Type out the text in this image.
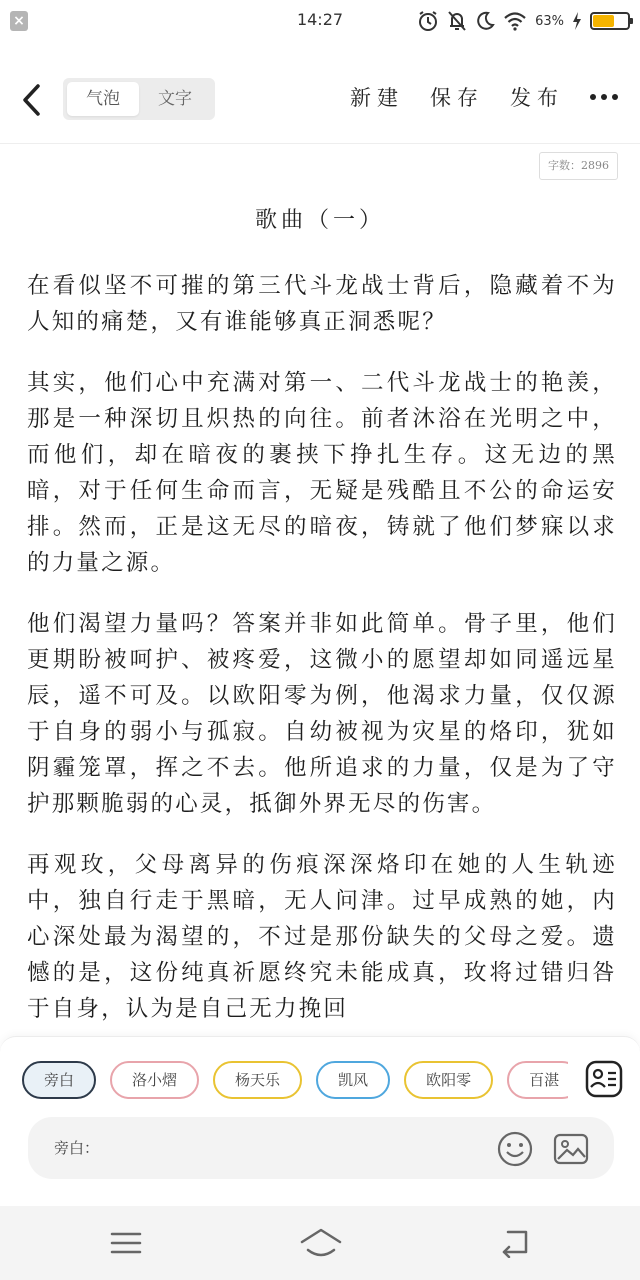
×	14:27	63%
气泡	文字	新建 保存 发布
字数：2896
歌曲（一）

在看似坚不可摧的第三代斗龙战士背后，隐藏着不为人知的痛楚，又有谁能够真正洞悉呢？

其实，他们心中充满对第一、二代斗龙战士的艳羡，那是一种深切且炽热的向往。前者沐浴在光明之中，而他们，却在暗夜的裹挟下挣扎生存。这无边的黑暗，对于任何生命而言，无疑是残酷且不公的命运安排。然而，正是这无尽的暗夜，铸就了他们梦寐以求的力量之源。

他们渴望力量吗？答案并非如此简单。骨子里，他们更期盼被呵护、被疼爱，这微小的愿望却如同遥远星辰，遥不可及。以欧阳零为例，他渴求力量，仅仅源于自身的弱小与孤寂。自幼被视为灾星的烙印，犹如阴霾笼罩，挥之不去。他所追求的力量，仅是为了守护那颗脆弱的心灵，抵御外界无尽的伤害。

再观玫，父母离异的伤痕深深烙印在她的人生轨迹中，独自行走于黑暗，无人问津。过早成熟的她，内心深处最为渴望的，不过是那份缺失的父母之爱。遗憾的是，这份纯真祈愿终究未能成真，玫将过错归咎于自身，认为是自己无力挽回

旁白	洛小熠	杨天乐	凯风	欧阳零	百湛
旁白：
